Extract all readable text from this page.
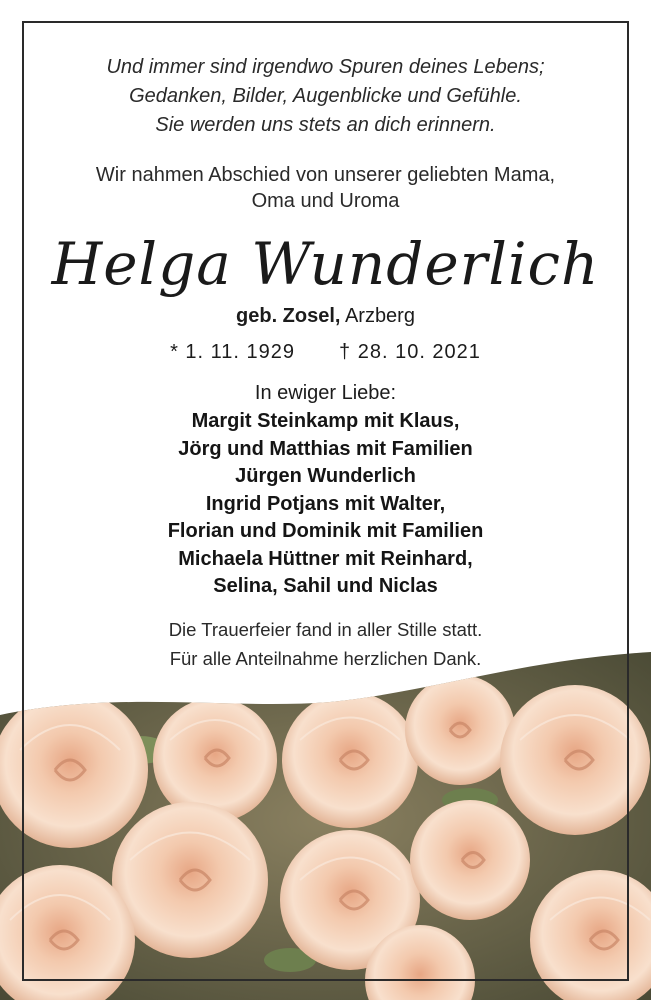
Und immer sind irgendwo Spuren deines Lebens;
Gedanken, Bilder, Augenblicke und Gefühle.
Sie werden uns stets an dich erinnern.
Wir nahmen Abschied von unserer geliebten Mama,
Oma und Uroma
Helga Wunderlich
geb. Zosel, Arzberg
* 1. 11. 1929 † 28. 10. 2021
In ewiger Liebe:
Margit Steinkamp mit Klaus,
Jörg und Matthias mit Familien
Jürgen Wunderlich
Ingrid Potjans mit Walter,
Florian und Dominik mit Familien
Michaela Hüttner mit Reinhard,
Selina, Sahil und Niclas
Die Trauerfeier fand in aller Stille statt.
Für alle Anteilnahme herzlichen Dank.
